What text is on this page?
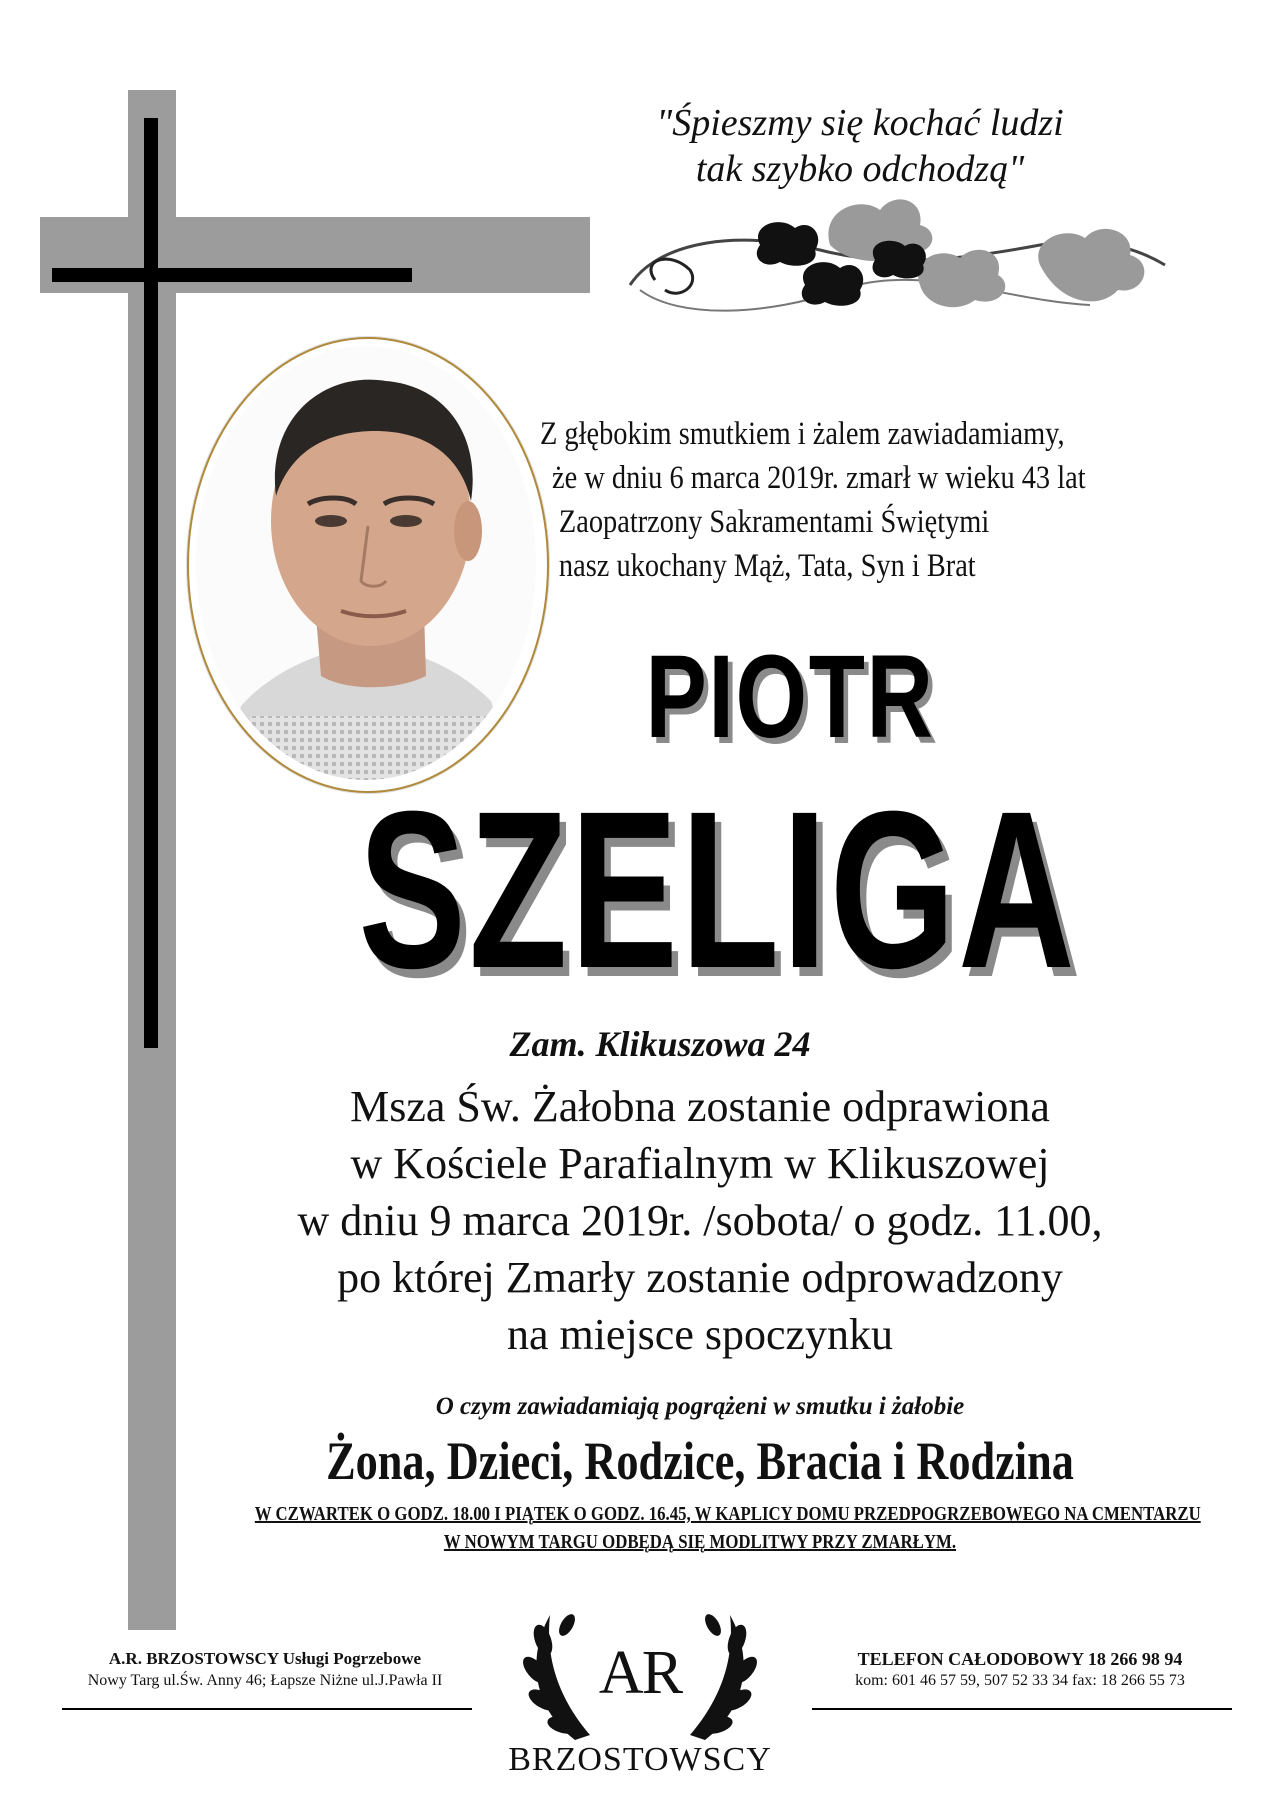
"Śpieszmy się kochać ludzi
tak szybko odchodzą"
Z głębokim smutkiem i żalem zawiadamiamy,
że w dniu 6 marca 2019r. zmarł w wieku 43 lat
Zaopatrzony Sakramentami Świętymi
nasz ukochany Mąż, Tata, Syn i Brat
PIOTR
SZELIGA
Zam. Klikuszowa 24
Msza Św. Żałobna zostanie odprawiona
w Kościele Parafialnym w Klikuszowej
w dniu 9 marca 2019r. /sobota/ o godz. 11.00,
po której Zmarły zostanie odprowadzony
na miejsce spoczynku
O czym zawiadamiają pogrążeni w smutku i żałobie
Żona, Dzieci, Rodzice, Bracia i Rodzina
W CZWARTEK O GODZ. 18.00 I PIĄTEK O GODZ. 16.45, W KAPLICY DOMU PRZEDPOGRZEBOWEGO NA CMENTARZU
W NOWYM TARGU ODBĘDĄ SIĘ MODLITWY PRZY ZMARŁYM.
A.R. BRZOSTOWSCY Usługi Pogrzebowe
Nowy Targ ul.Św. Anny 46; Łapsze Niżne ul.J.Pawła II	AR
BRZOSTOWSCY
TELEFON CAŁODOBOWY 18 266 98 94
kom: 601 46 57 59, 507 52 33 34 fax: 18 266 55 73
